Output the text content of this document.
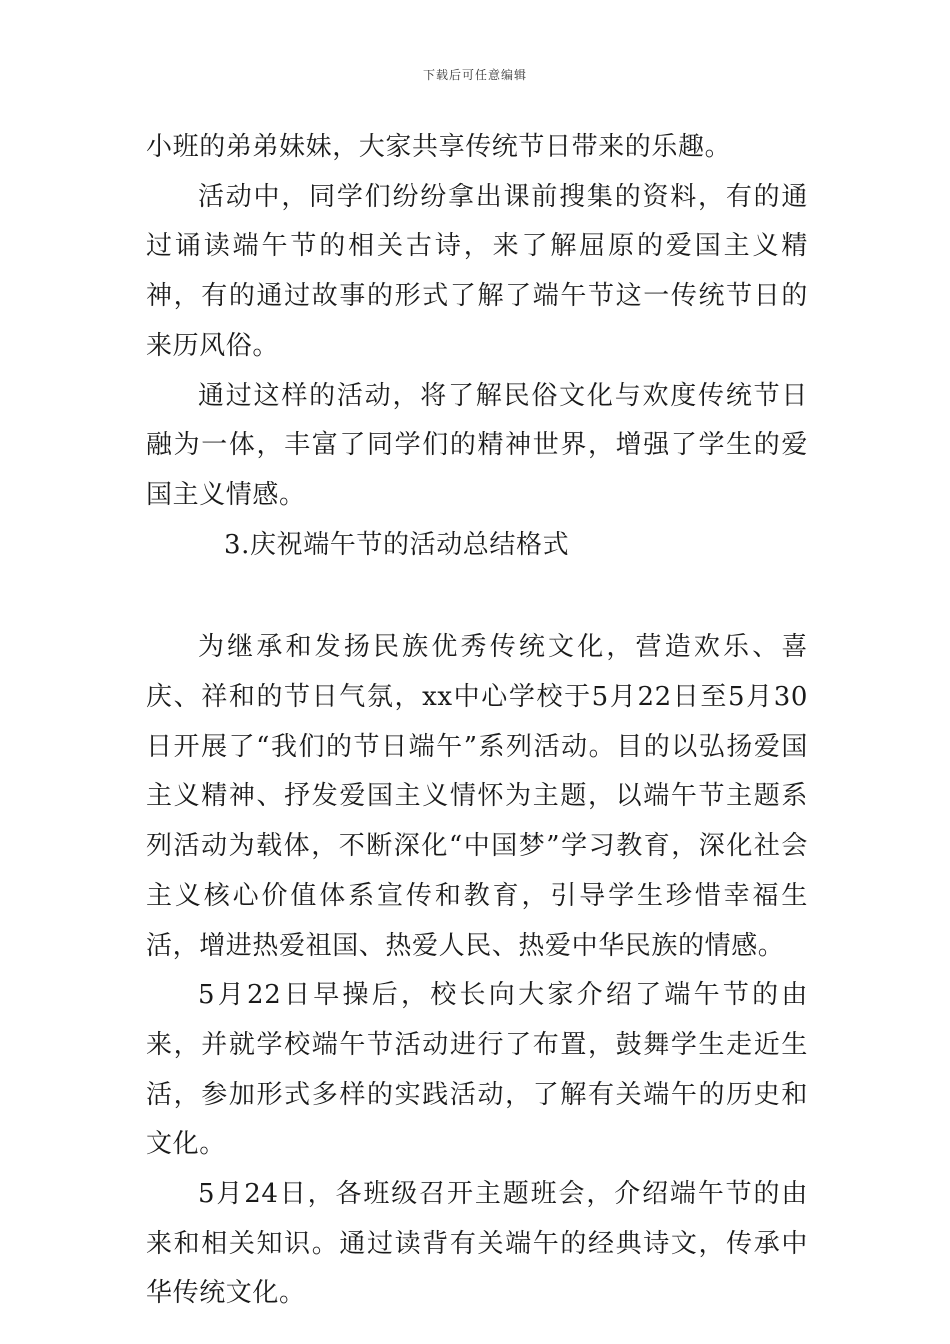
下载后可任意编辑

小班的弟弟妹妹，大家共享传统节日带来的乐趣。

活动中，同学们纷纷拿出课前搜集的资料，有的通过诵读端午节的相关古诗，来了解屈原的爱国主义精神，有的通过故事的形式了解了端午节这一传统节日的来历风俗。

通过这样的活动，将了解民俗文化与欢度传统节日融为一体，丰富了同学们的精神世界，增强了学生的爱国主义情感。

3.庆祝端午节的活动总结格式

为继承和发扬民族优秀传统文化，营造欢乐、喜庆、祥和的节日气氛，xx中心学校于5月22日至5月30日开展了“我们的节日端午”系列活动。目的以弘扬爱国主义精神、抒发爱国主义情怀为主题，以端午节主题系列活动为载体，不断深化“中国梦”学习教育，深化社会主义核心价值体系宣传和教育，引导学生珍惜幸福生活，增进热爱祖国、热爱人民、热爱中华民族的情感。

5月22日早操后，校长向大家介绍了端午节的由来，并就学校端午节活动进行了布置，鼓舞学生走近生活，参加形式多样的实践活动，了解有关端午的历史和文化。

5月24日，各班级召开主题班会，介绍端午节的由来和相关知识。通过读背有关端午的经典诗文，传承中华传统文化。
